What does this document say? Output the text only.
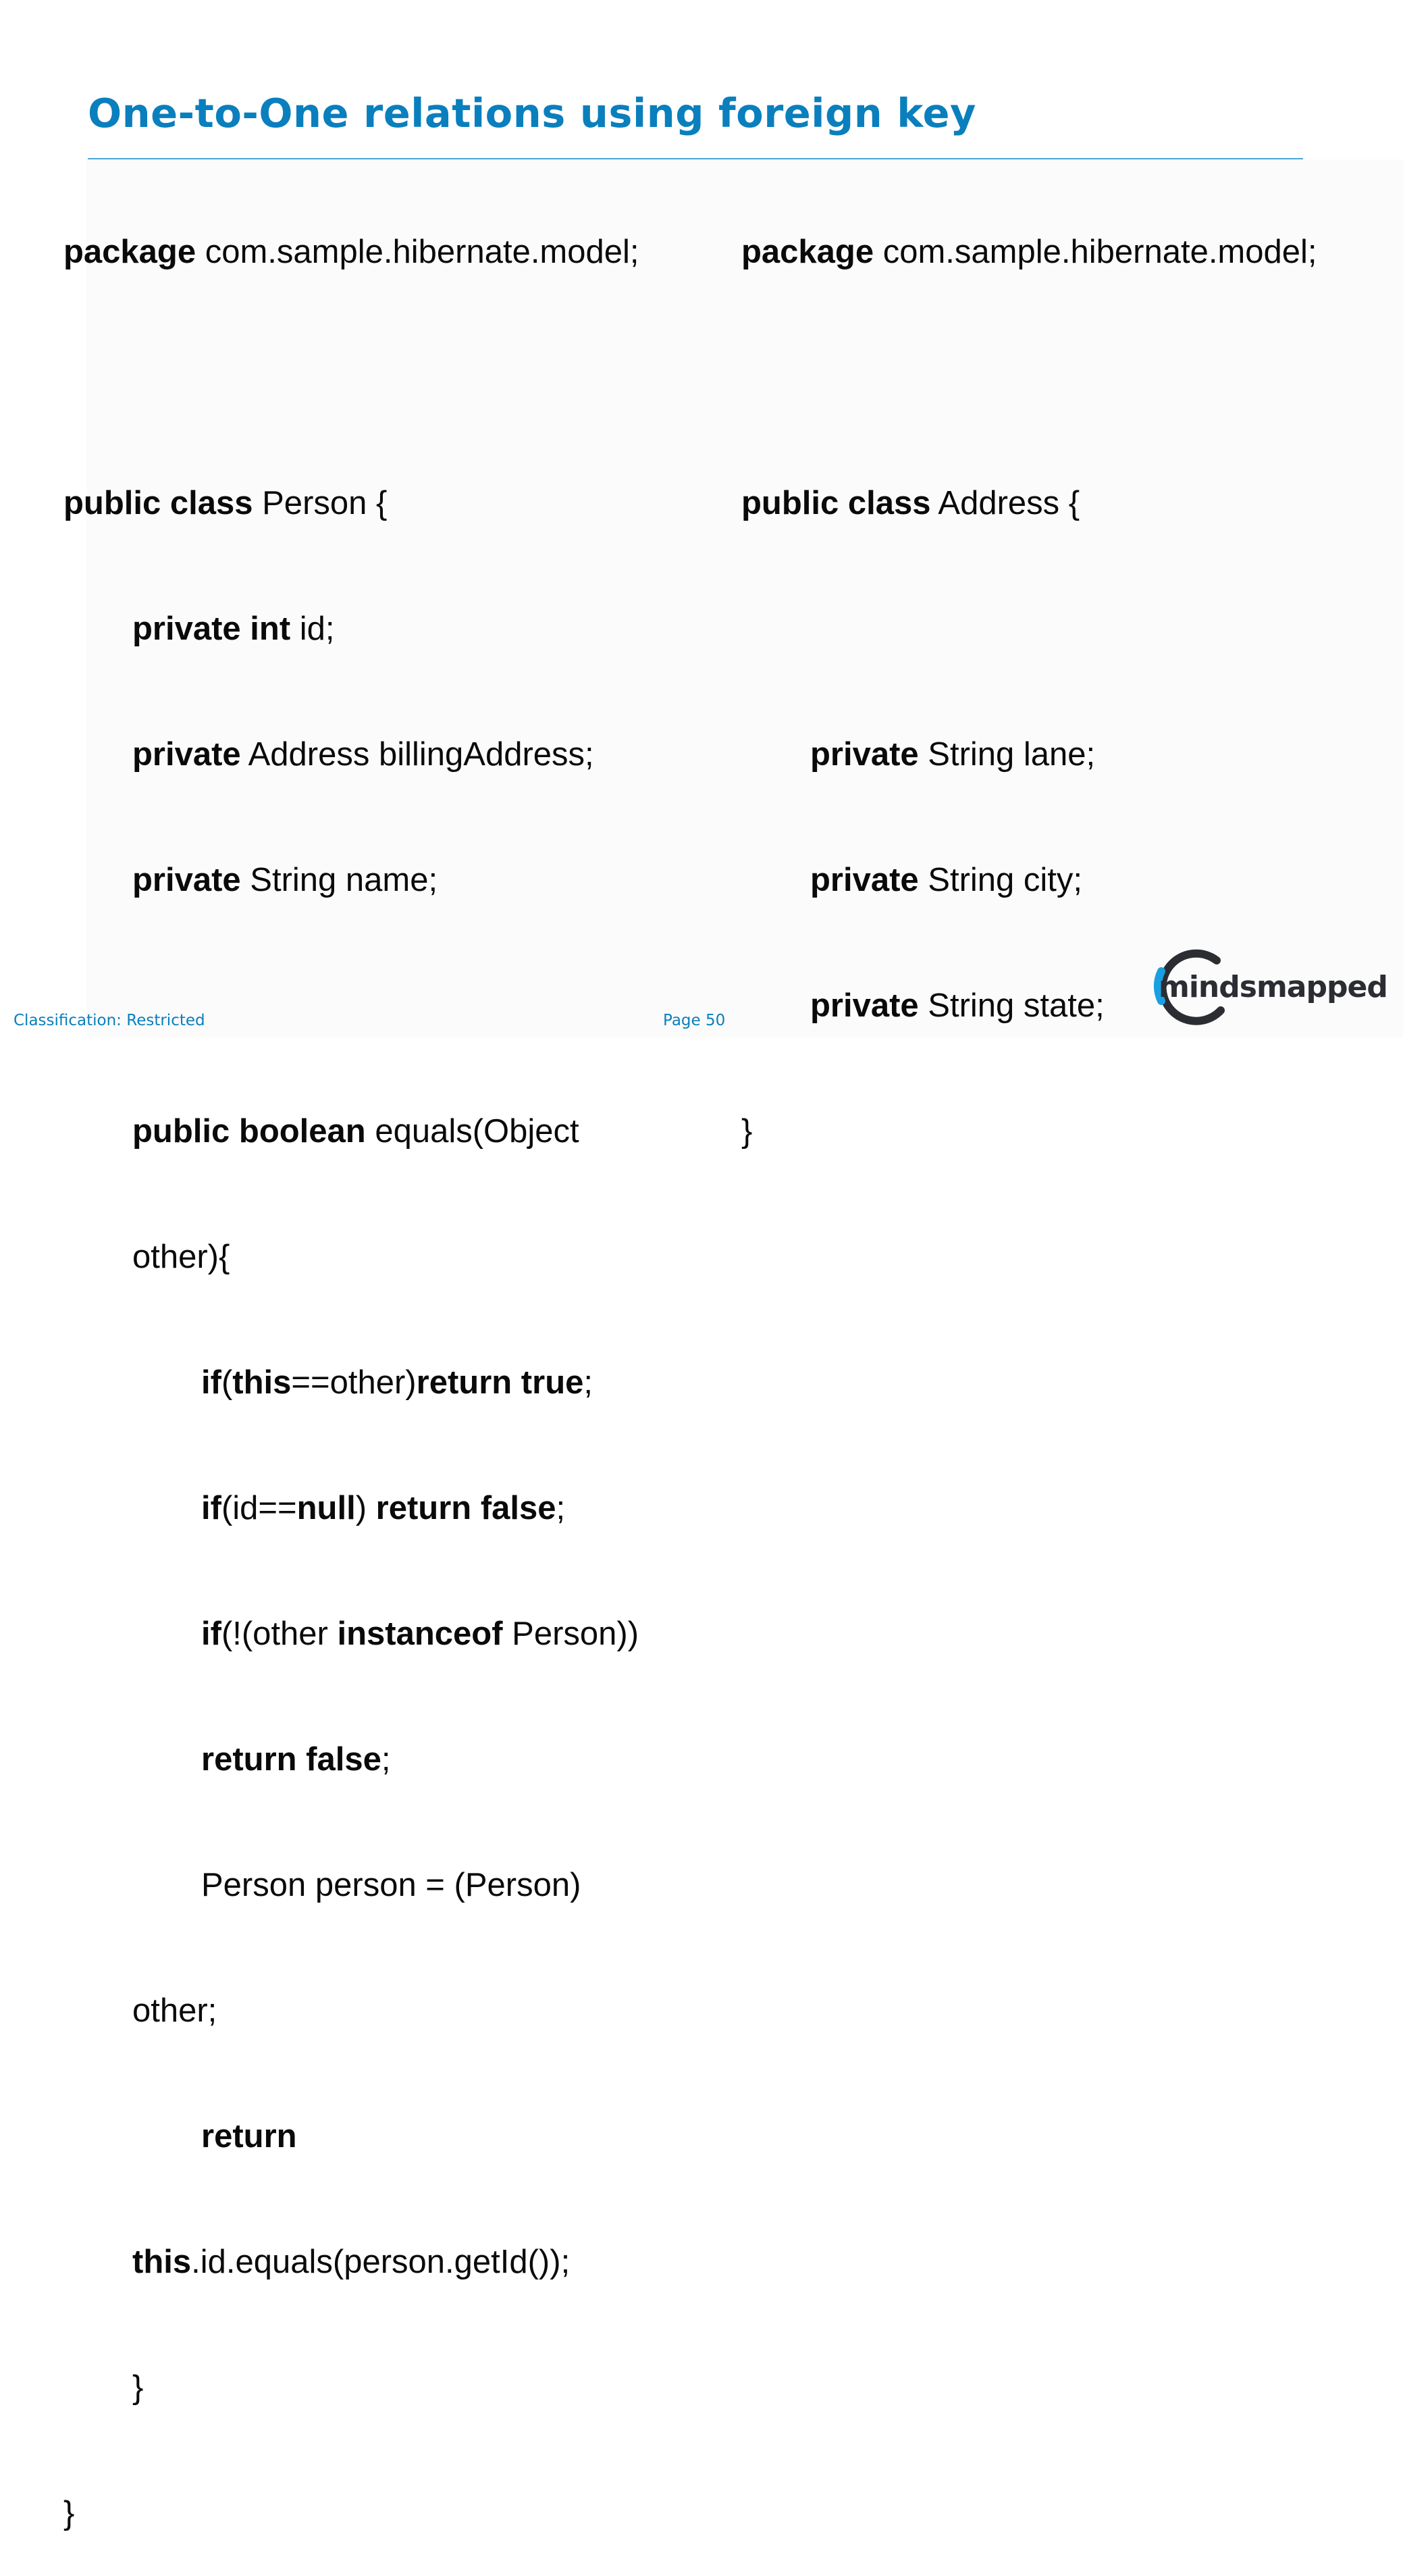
One-to-One relations using foreign key

package com.sample.hibernate.model;

public class Person {

private int id;

private Address billingAddress;

private String name;

public boolean equals(Object

other){

if(this==other)return true;

if(id==null) return false;

if(!(other instanceof Person))

return false;

Person person = (Person)

other;

return

this.id.equals(person.getId());

}

}

package com.sample.hibernate.model;

public class Address {

private String lane;

private String city;

private String state;

}

Classification: Restricted	Page 50
mindsmapped
